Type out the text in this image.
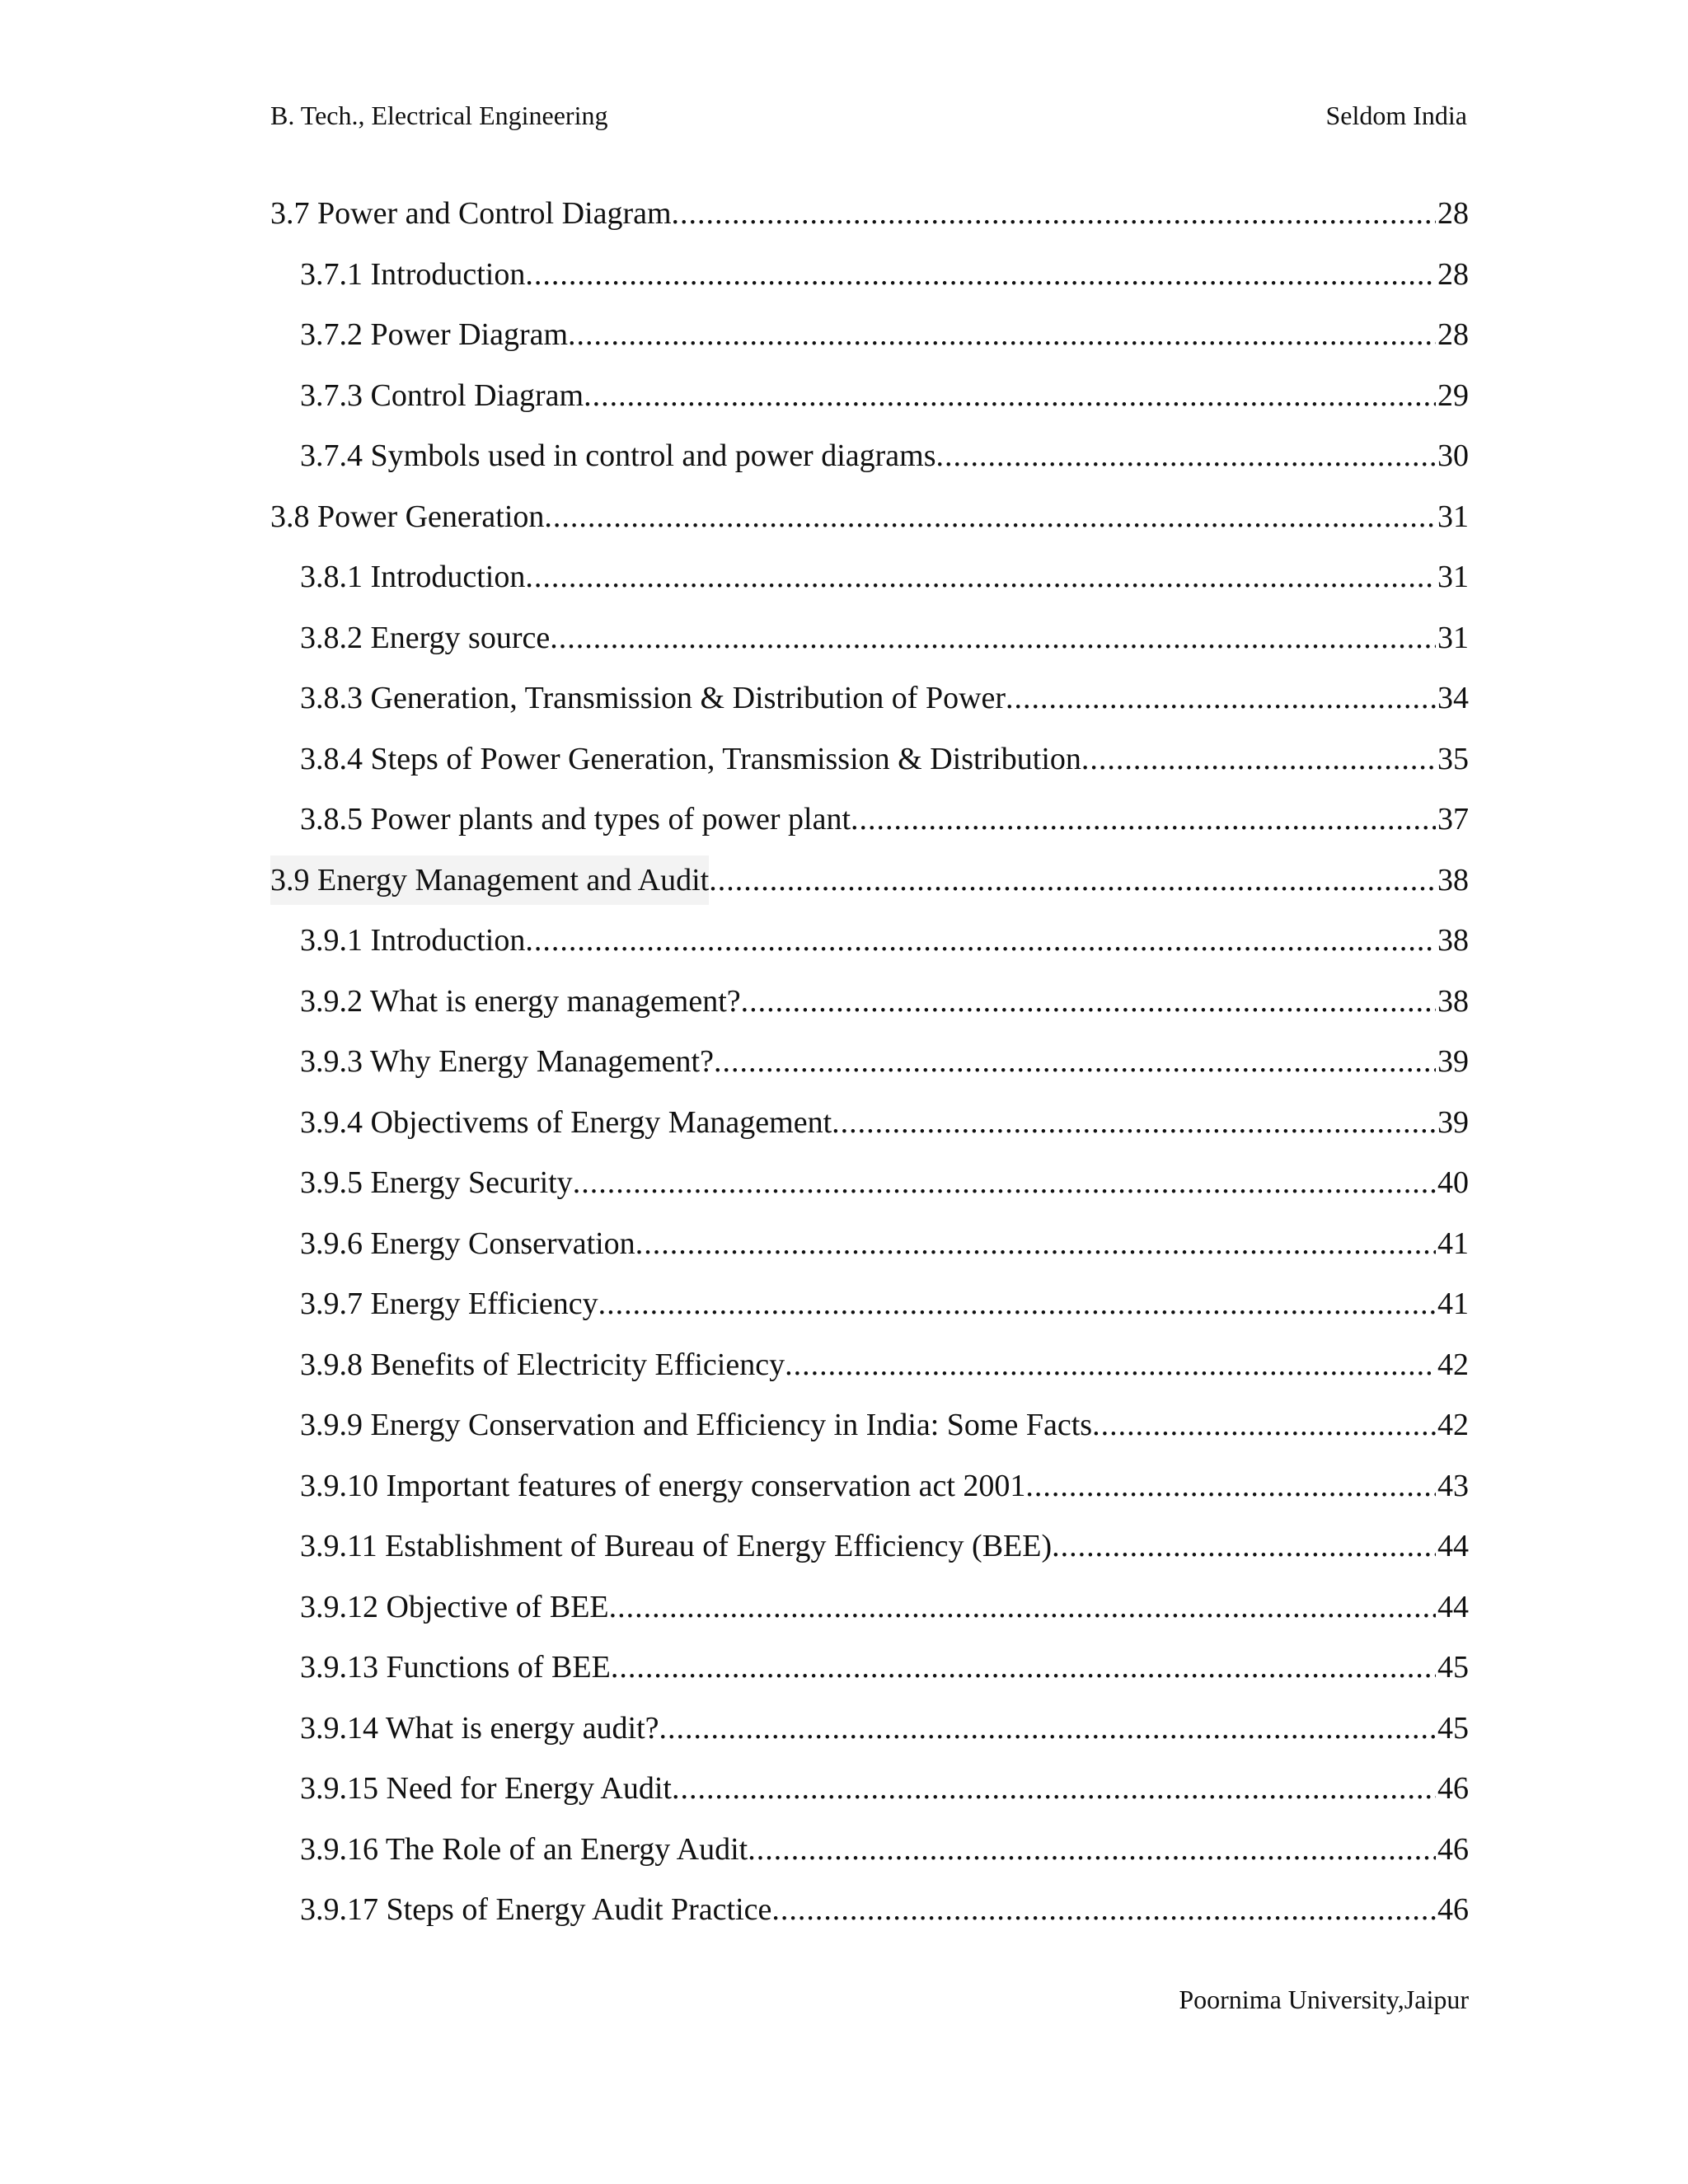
B. Tech., Electrical Engineering	Seldom India
3.7 Power and Control Diagram .....	28
3.7.1 Introduction .....	28
3.7.2 Power Diagram .....	28
3.7.3 Control Diagram .....	29
3.7.4 Symbols used in control and power diagrams .....	30
3.8 Power Generation .....	31
3.8.1 Introduction .....	31
3.8.2 Energy source .....	31
3.8.3 Generation, Transmission & Distribution of Power .....	34
3.8.4 Steps of Power Generation, Transmission & Distribution .....	35
3.8.5 Power plants and types of power plant .....	37
3.9 Energy Management and Audit .....	38
3.9.1 Introduction .....	38
3.9.2 What is energy management? .....	38
3.9.3 Why Energy Management? .....	39
3.9.4 Objectivems of Energy Management .....	39
3.9.5 Energy Security .....	40
3.9.6 Energy Conservation .....	41
3.9.7 Energy Efficiency .....	41
3.9.8 Benefits of Electricity Efficiency .....	42
3.9.9 Energy Conservation and Efficiency in India: Some Facts .....	42
3.9.10 Important features of energy conservation act 2001 .....	43
3.9.11 Establishment of Bureau of Energy Efficiency (BEE) .....	44
3.9.12 Objective of BEE .....	44
3.9.13 Functions of BEE .....	45
3.9.14 What is energy audit? .....	45
3.9.15 Need for Energy Audit .....	46
3.9.16 The Role of an Energy Audit .....	46
3.9.17 Steps of Energy Audit Practice .....	46
Poornima University,Jaipur
